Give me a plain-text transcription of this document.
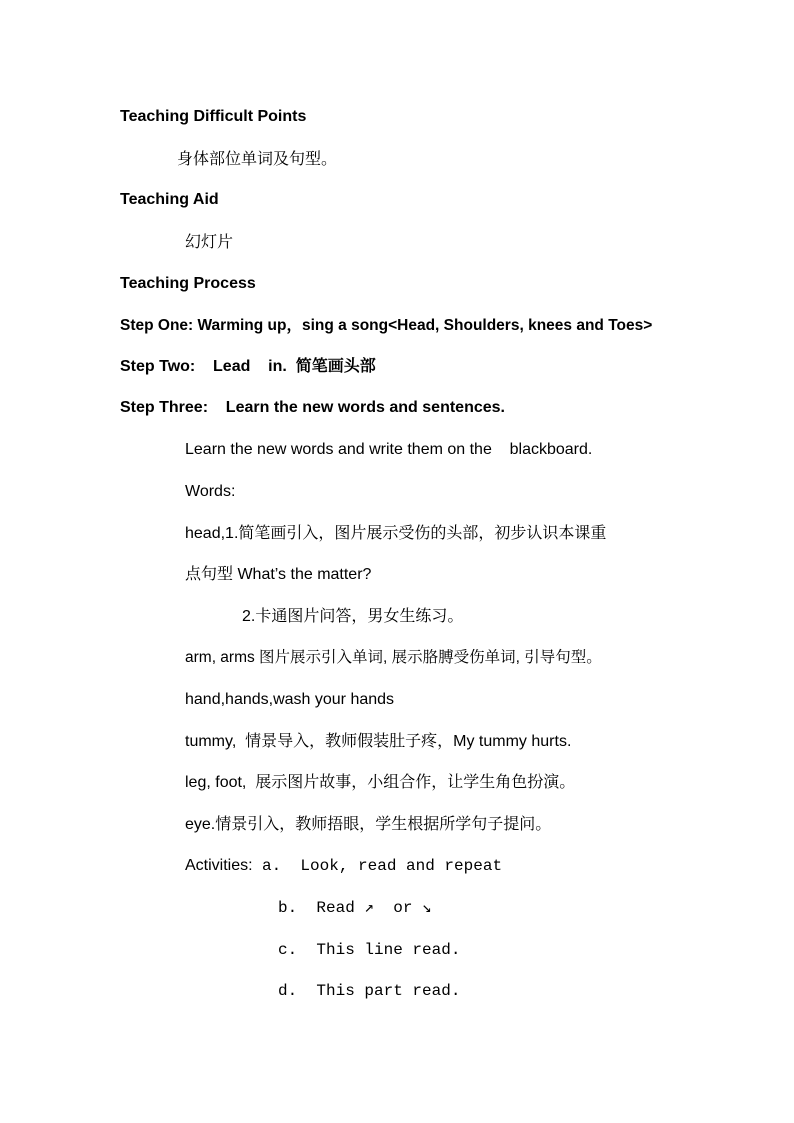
Teaching Difficult Points
身体部位单词及句型。
Teaching Aid
幻灯片
Teaching Process
Step One: Warming up，sing a song<Head, Shoulders, knees and Toes>
Step Two:    Lead    in.  简笔画头部
Step Three:    Learn the new words and sentences.
Learn the new words and write them on the    blackboard.
Words:
head,1.简笔画引入，图片展示受伤的头部，初步认识本课重
点句型 What’s the matter?
2.卡通图片问答，男女生练习。
arm, arms 图片展示引入单词, 展示胳膊受伤单词, 引导句型。
hand,hands,wash your hands
tummy,  情景导入，教师假装肚子疼，My tummy hurts.
leg, foot,  展示图片故事，小组合作，让学生角色扮演。
eye.情景引入，教师捂眼，学生根据所学句子提问。
Activities: a.  Look, read and repeat
b.  Read ↗  or ↘
c.  This line read.
d.  This part read.
